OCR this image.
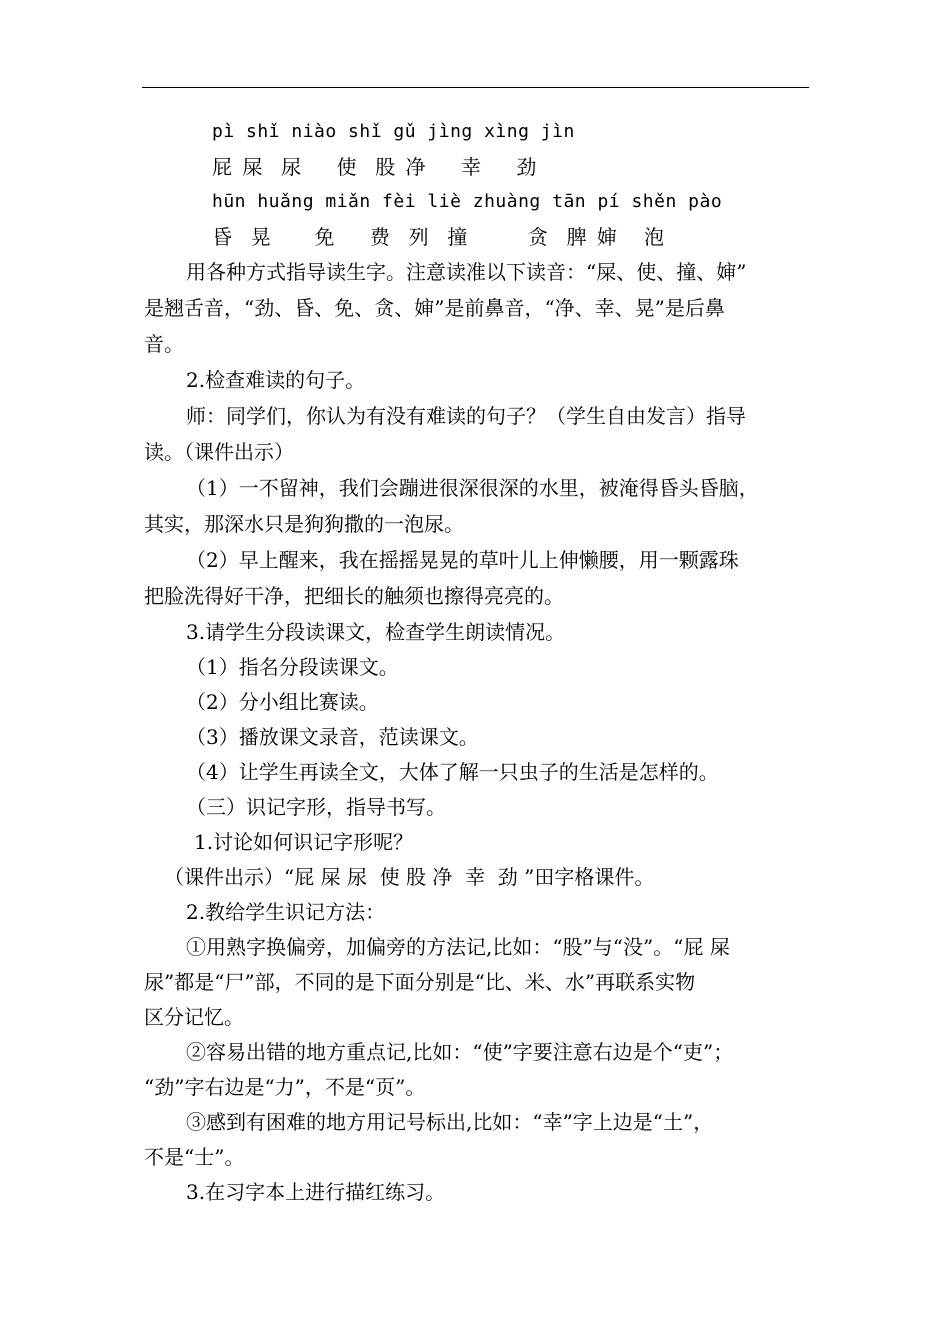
pì shǐ niào shǐ gǔ jìng xìng jìn
屁 屎  尿    使  股 净    幸    劲
hūn huǎng miǎn fèi liè zhuàng tān pí shěn pào
昏  晃     免    费  列  撞       贪  脾 婶   泡
用各种方式指导读生字。注意读准以下读音：“屎、使、撞、婶”
是翘舌音，“劲、昏、免、贪、婶”是前鼻音，“净、幸、晃”是后鼻
音。
2.检查难读的句子。
师：同学们，你认为有没有难读的句子？（学生自由发言）指导
读。（课件出示）
（1）一不留神，我们会蹦进很深很深的水里，被淹得昏头昏脑，
其实，那深水只是狗狗撒的一泡尿。
（2）早上醒来，我在摇摇晃晃的草叶儿上伸懒腰，用一颗露珠
把脸洗得好干净，把细长的触须也擦得亮亮的。
3.请学生分段读课文，检查学生朗读情况。
（1）指名分段读课文。
（2）分小组比赛读。
（3）播放课文录音，范读课文。
（4）让学生再读全文，大体了解一只虫子的生活是怎样的。
（三）识记字形，指导书写。
1.讨论如何识记字形呢？
（课件出示）“屁 屎 尿  使 股 净  幸  劲 ”田字格课件。
2.教给学生识记方法：
①用熟字换偏旁，加偏旁的方法记,比如：“股”与“没”。“屁 屎
尿”都是“尸”部，不同的是下面分别是“比、米、水”再联系实物
区分记忆。
②容易出错的地方重点记,比如：“使”字要注意右边是个“吏”；
“劲”字右边是“力”，不是“页”。
③感到有困难的地方用记号标出,比如：“幸”字上边是“土”，
不是“士”。
3.在习字本上进行描红练习。
